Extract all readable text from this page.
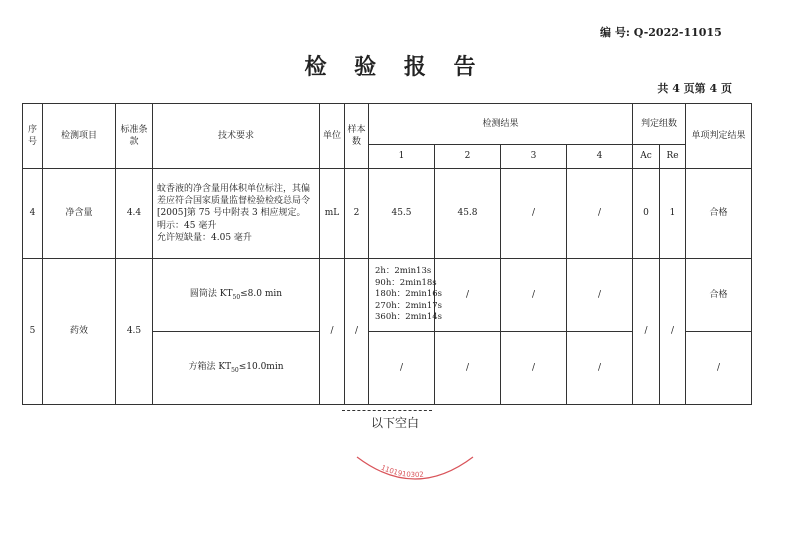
编 号: Q-2022-11015
检 验 报 告
共 4 页第 4 页
序号	检测项目	标准条款	技术要求	单位	样本数	检测结果				判定组数		单项判定结果
						1	2	3	4	Ac	Re	
4	净含量	4.4	蚊香液的净含量用体积单位标注，其偏差应符合国家质量监督检验检疫总局令[2005]第 75 号中附表 3 相应规定。
明示：45 毫升
允许短缺量：4.05 毫升	mL	2	45.5	45.8	/	/	0	1	合格
5	药效	4.5	圆筒法 $KT_{50}\le 8.0$ min	/	/	2h：2min13s
90h：2min18s
180h：2min16s
270h：2min17s
360h：2min14s	/	/	/	/	/	合格
			方箱法 $KT_{50}\le 10.0\min$			/	/	/	/			/
以下空白
1101910302
